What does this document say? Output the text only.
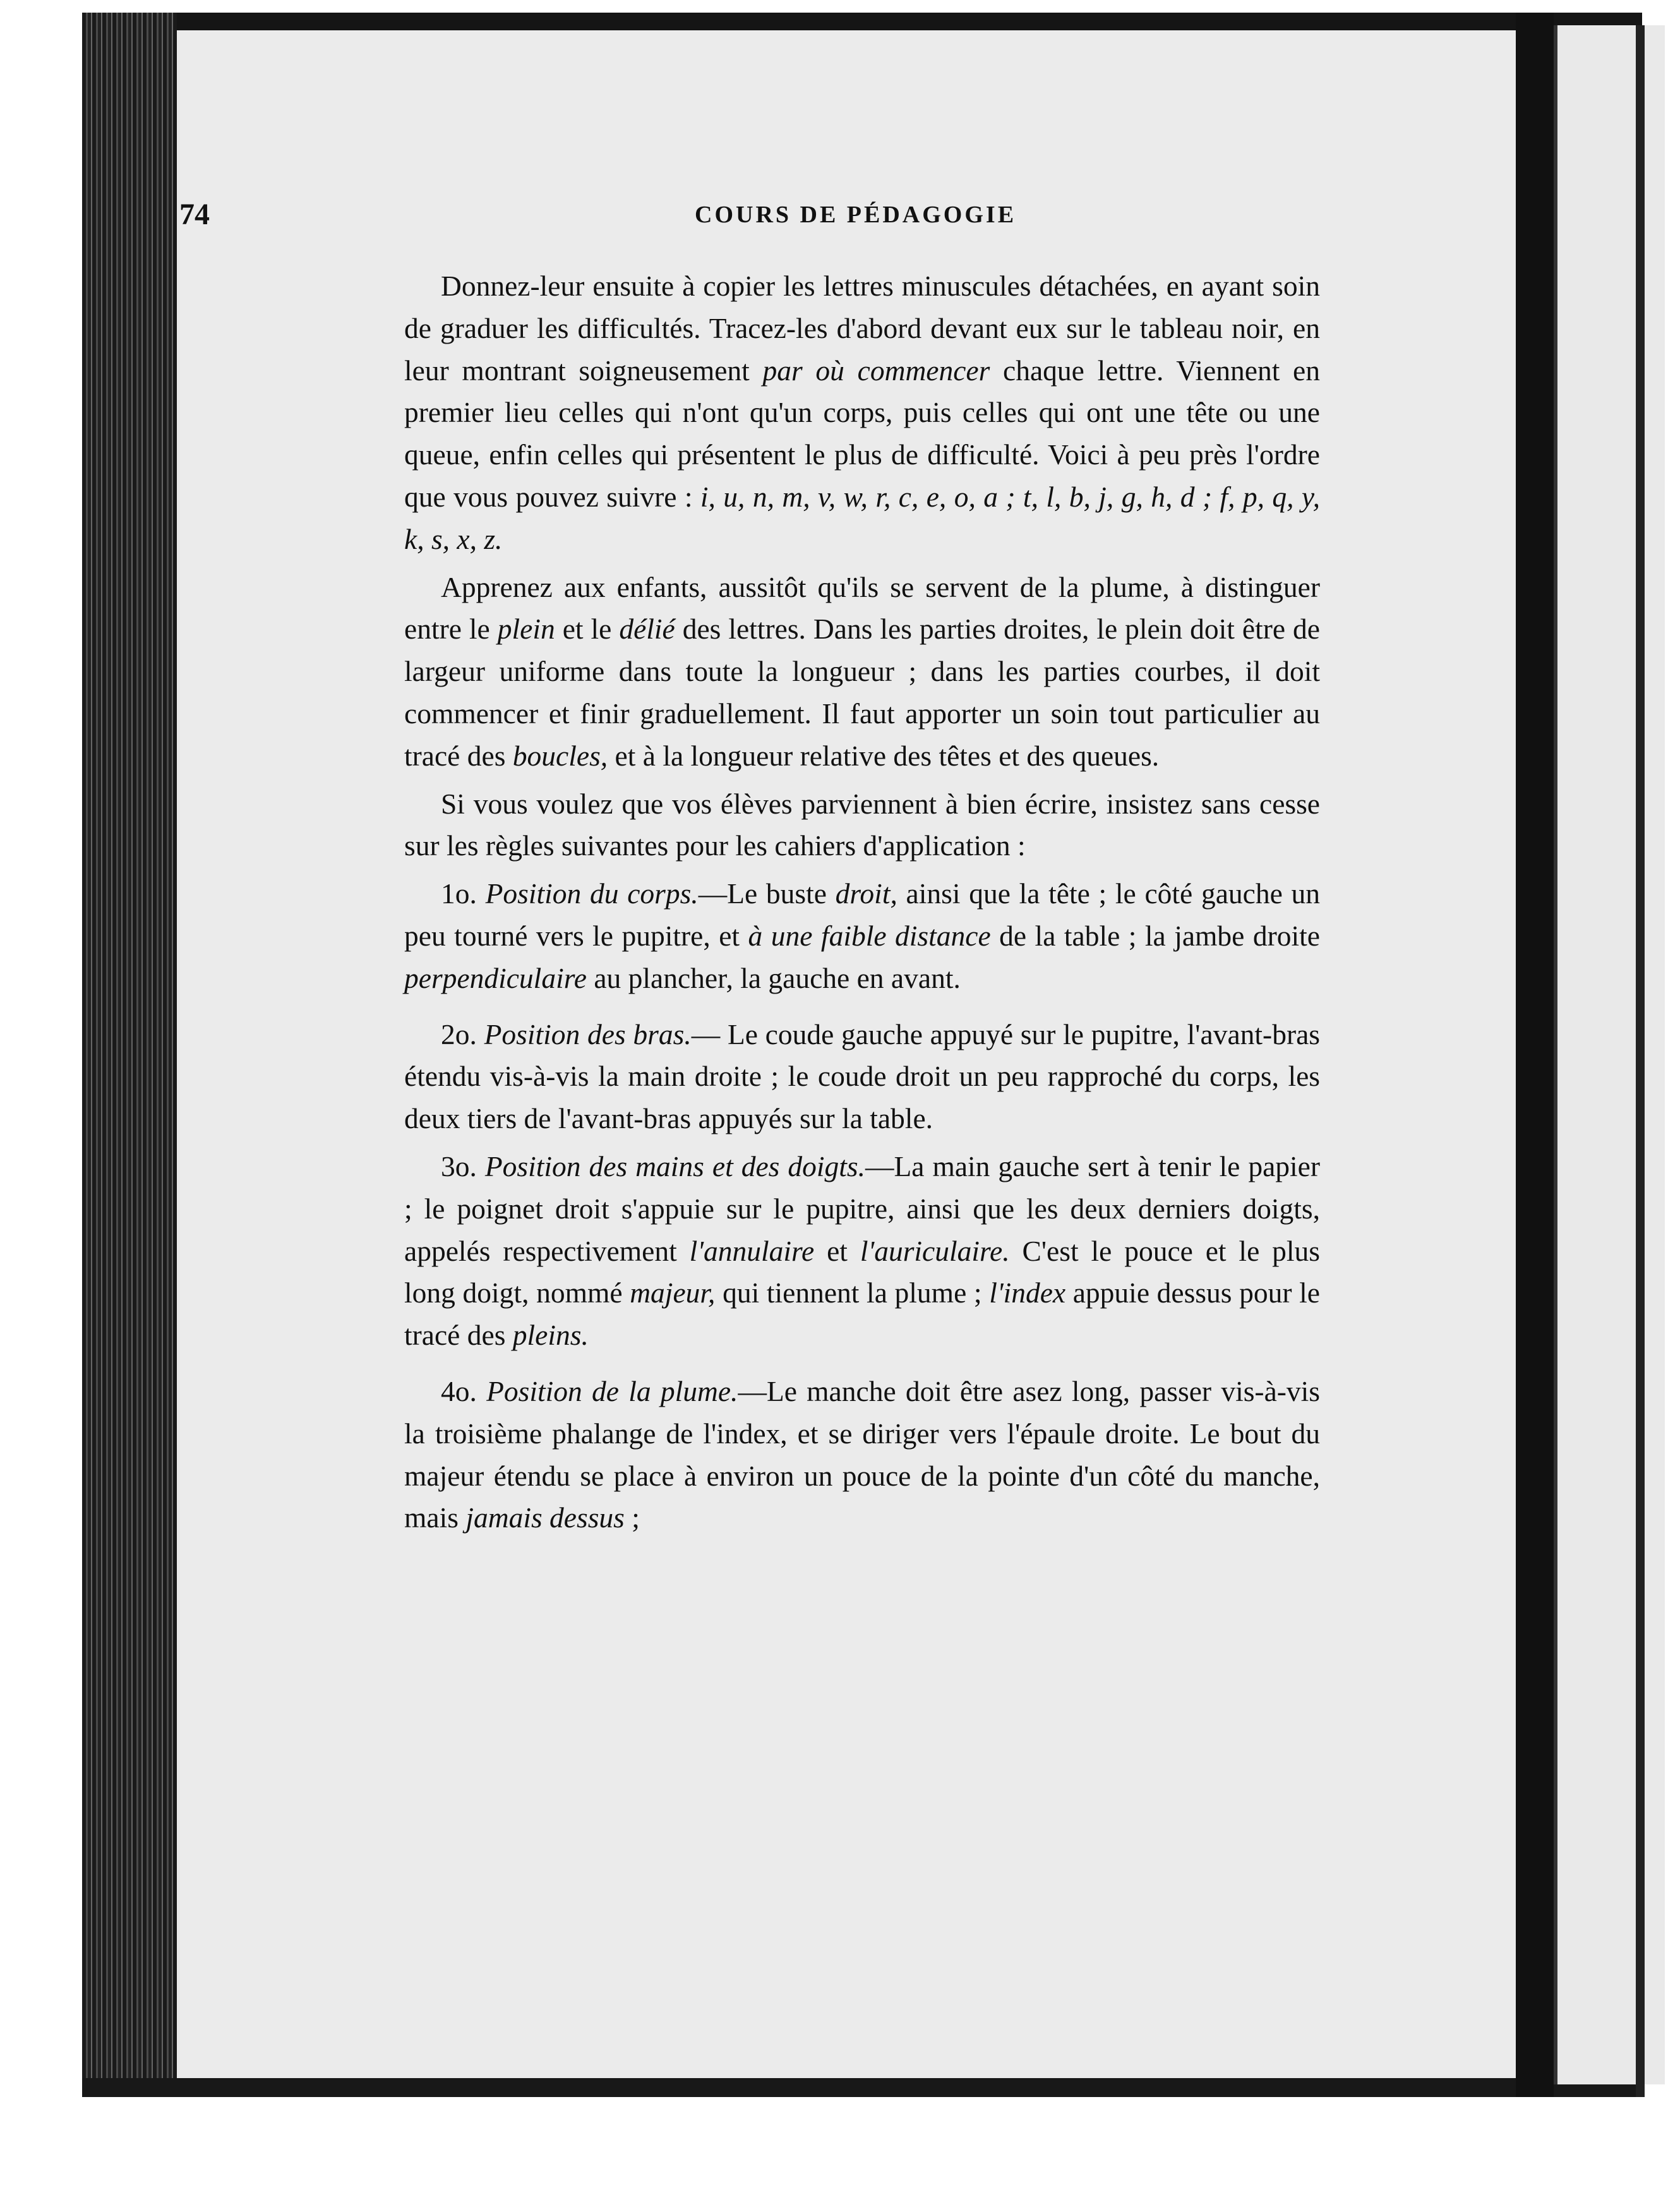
74	COURS DE PÉDAGOGIE

Donnez-leur ensuite à copier les lettres minuscules détachées, en ayant soin de graduer les difficultés. Tracez-les d'abord devant eux sur le tableau noir, en leur montrant soigneusement par où commencer chaque lettre. Viennent en premier lieu celles qui n'ont qu'un corps, puis celles qui ont une tête ou une queue, enfin celles qui présentent le plus de difficulté. Voici à peu près l'ordre que vous pouvez suivre : i, u, n, m, v, w, r, c, e, o, a ; t, l, b, j, g, h, d ; f, p, q, y, k, s, x, z.

Apprenez aux enfants, aussitôt qu'ils se servent de la plume, à distinguer entre le plein et le délié des lettres. Dans les parties droites, le plein doit être de largeur uniforme dans toute la longueur ; dans les parties courbes, il doit commencer et finir graduellement. Il faut apporter un soin tout particulier au tracé des boucles, et à la longueur relative des têtes et des queues.

Si vous voulez que vos élèves parviennent à bien écrire, insistez sans cesse sur les règles suivantes pour les cahiers d'application :

1o. Position du corps.—Le buste droit, ainsi que la tête ; le côté gauche un peu tourné vers le pupitre, et à une faible distance de la table ; la jambe droite perpendiculaire au plancher, la gauche en avant.

2o. Position des bras.— Le coude gauche appuyé sur le pupitre, l'avant-bras étendu vis-à-vis la main droite ; le coude droit un peu rapproché du corps, les deux tiers de l'avant-bras appuyés sur la table.

3o. Position des mains et des doigts.—La main gauche sert à tenir le papier ; le poignet droit s'appuie sur le pupitre, ainsi que les deux derniers doigts, appelés respectivement l'annulaire et l'auriculaire. C'est le pouce et le plus long doigt, nommé majeur, qui tiennent la plume ; l'index appuie dessus pour le tracé des pleins.

4o. Position de la plume.—Le manche doit être asez long, passer vis-à-vis la troisième phalange de l'index, et se diriger vers l'épaule droite. Le bout du majeur étendu se place à environ un pouce de la pointe d'un côté du manche, mais jamais dessus ;
